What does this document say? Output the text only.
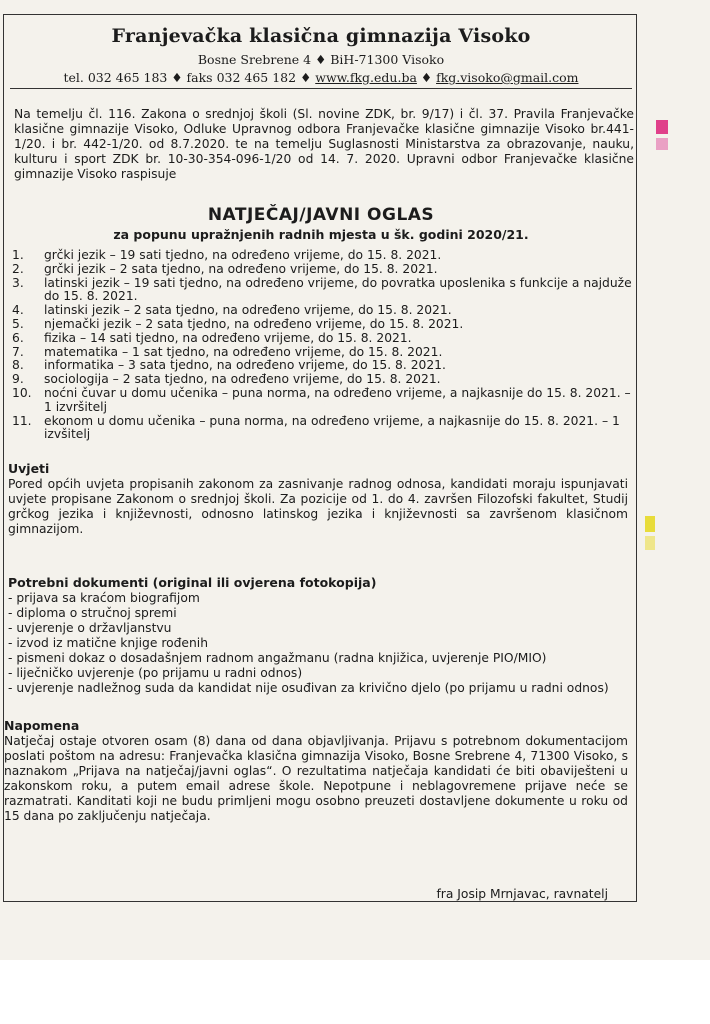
Franjevačka klasična gimnazija Visoko
Bosne Srebrene 4 ♦ BiH-71300 Visoko
tel. 032 465 183 ♦ faks 032 465 182 ♦ www.fkg.edu.ba ♦ fkg.visoko@gmail.com
Na temelju čl. 116. Zakona o srednjoj školi (Sl. novine ZDK, br. 9/17) i čl. 37. Pravila Franjevačke klasične gimnazije Visoko, Odluke Upravnog odbora Franjevačke klasične gimnazije Visoko br.441-1/20. i br. 442-1/20. od 8.7.2020. te na temelju Suglasnosti Ministarstva za obrazovanje, nauku, kulturu i sport ZDK br. 10-30-354-096-1/20 od 14. 7. 2020. Upravni odbor Franjevačke klasične gimnazije Visoko raspisuje
NATJEČAJ/JAVNI OGLAS
za popunu upražnjenih radnih mjesta u šk. godini 2020/21.
1.	grčki jezik – 19 sati tjedno, na određeno vrijeme, do 15. 8. 2021.
2.	grčki jezik – 2 sata tjedno, na određeno vrijeme, do 15. 8. 2021.
3.	latinski jezik – 19 sati tjedno, na određeno vrijeme, do povratka uposlenika s funkcije a najduže do 15. 8. 2021.
4.	latinski jezik – 2 sata tjedno, na određeno vrijeme, do 15. 8. 2021.
5.	njemački jezik – 2 sata tjedno, na određeno vrijeme, do 15. 8. 2021.
6.	fizika – 14 sati tjedno, na određeno vrijeme, do 15. 8. 2021.
7.	matematika – 1 sat tjedno, na određeno vrijeme, do 15. 8. 2021.
8.	informatika – 3 sata tjedno, na određeno vrijeme, do 15. 8. 2021.
9.	sociologija – 2 sata tjedno, na određeno vrijeme, do 15. 8. 2021.
10.	noćni čuvar u domu učenika – puna norma, na određeno vrijeme, a najkasnije do 15. 8. 2021. – 1 izvršitelj
11.	ekonom u domu učenika – puna norma, na određeno vrijeme, a najkasnije do 15. 8. 2021. – 1 izvšitelj
Uvjeti
Pored općih uvjeta propisanih zakonom za zasnivanje radnog odnosa, kandidati moraju ispunjavati uvjete propisane Zakonom o srednjoj školi. Za pozicije od 1. do 4. završen Filozofski fakultet, Studij grčkog jezika i književnosti, odnosno latinskog jezika i književnosti sa završenom klasičnom gimnazijom.
Potrebni dokumenti (original ili ovjerena fotokopija)
- prijava sa kraćom biografijom
- diploma o stručnoj spremi
- uvjerenje o državljanstvu
- izvod iz matične knjige rođenih
- pismeni dokaz o dosadašnjem radnom angažmanu (radna knjižica, uvjerenje PIO/MIO)
- liječničko uvjerenje (po prijamu u radni odnos)
- uvjerenje nadležnog suda da kandidat nije osuđivan za krivično djelo (po prijamu u radni odnos)
Napomena
Natječaj ostaje otvoren osam (8) dana od dana objavljivanja. Prijavu s potrebnom dokumentacijom poslati poštom na adresu: Franjevačka klasična gimnazija Visoko, Bosne Srebrene 4, 71300 Visoko, s naznakom „Prijava na natječaj/javni oglas“. O rezultatima natječaja kandidati će biti obaviješteni u zakonskom roku, a putem email adrese škole. Nepotpune i neblagovremene prijave neće se razmatrati. Kanditati koji ne budu primljeni mogu osobno preuzeti dostavljene dokumente u roku od 15 dana po zaključenju natječaja.
fra Josip Mrnjavac, ravnatelj
